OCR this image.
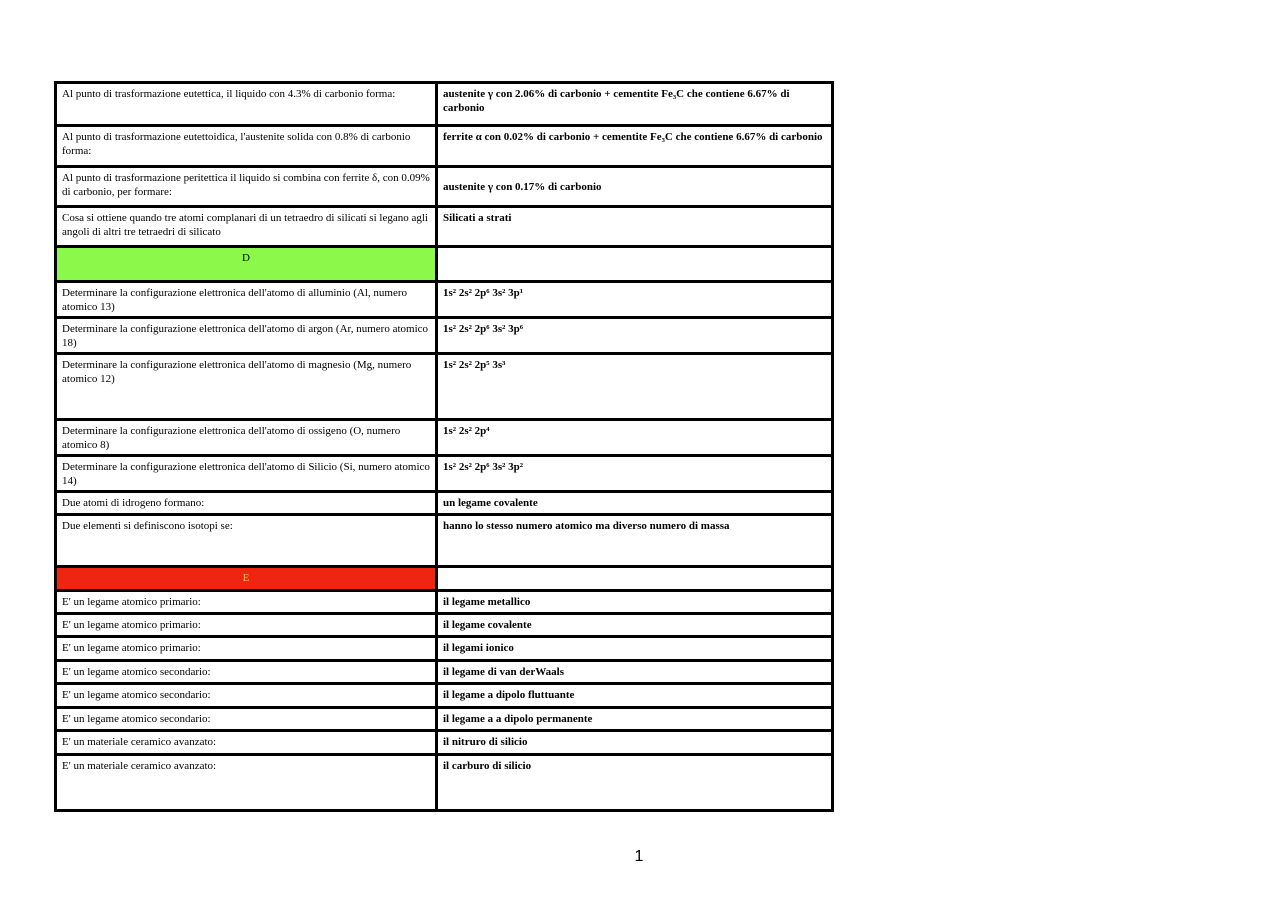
Al punto di trasformazione eutettica, il liquido con 4.3% di carbonio forma:	austenite γ con 2.06% di carbonio + cementite Fe₃C che contiene 6.67% di carbonio
Al punto di trasformazione eutettoidica, l'austenite solida con 0.8% di carbonio forma:	ferrite α con 0.02% di carbonio + cementite Fe₃C che contiene 6.67% di carbonio
Al punto di trasformazione peritettica il liquido si combina con ferrite δ, con 0.09% di carbonio, per formare:	austenite γ con 0.17% di carbonio
Cosa si ottiene quando tre atomi complanari di un tetraedro di silicati si legano agli angoli di altri tre tetraedri di silicato	Silicati a strati
D	
Determinare la configurazione elettronica dell'atomo di alluminio (Al, numero atomico 13)	1s² 2s² 2p⁶ 3s² 3p¹
Determinare la configurazione elettronica dell'atomo di argon (Ar, numero atomico 18)	1s² 2s² 2p⁶ 3s² 3p⁶
Determinare la configurazione elettronica dell'atomo di magnesio (Mg, numero atomico 12)	1s² 2s² 2p⁵ 3s³
Determinare la configurazione elettronica dell'atomo di ossigeno (O, numero atomico 8)	1s² 2s² 2p⁴
Determinare la configurazione elettronica dell'atomo di Silicio (Si, numero atomico 14)	1s² 2s² 2p⁶ 3s² 3p²
Due atomi di idrogeno formano:	un legame covalente
Due elementi si definiscono isotopi se:	hanno lo stesso numero atomico ma diverso numero di massa
E	
E' un legame atomico primario:	il legame metallico
E' un legame atomico primario:	il legame covalente
E' un legame atomico primario:	il legami ionico
E' un legame atomico secondario:	il legame di van derWaals
E' un legame atomico secondario:	il legame a dipolo fluttuante
E' un legame atomico secondario:	il legame a a dipolo permanente
E' un materiale ceramico avanzato:	il nitruro di silicio
E' un materiale ceramico avanzato:	il carburo di silicio
1
